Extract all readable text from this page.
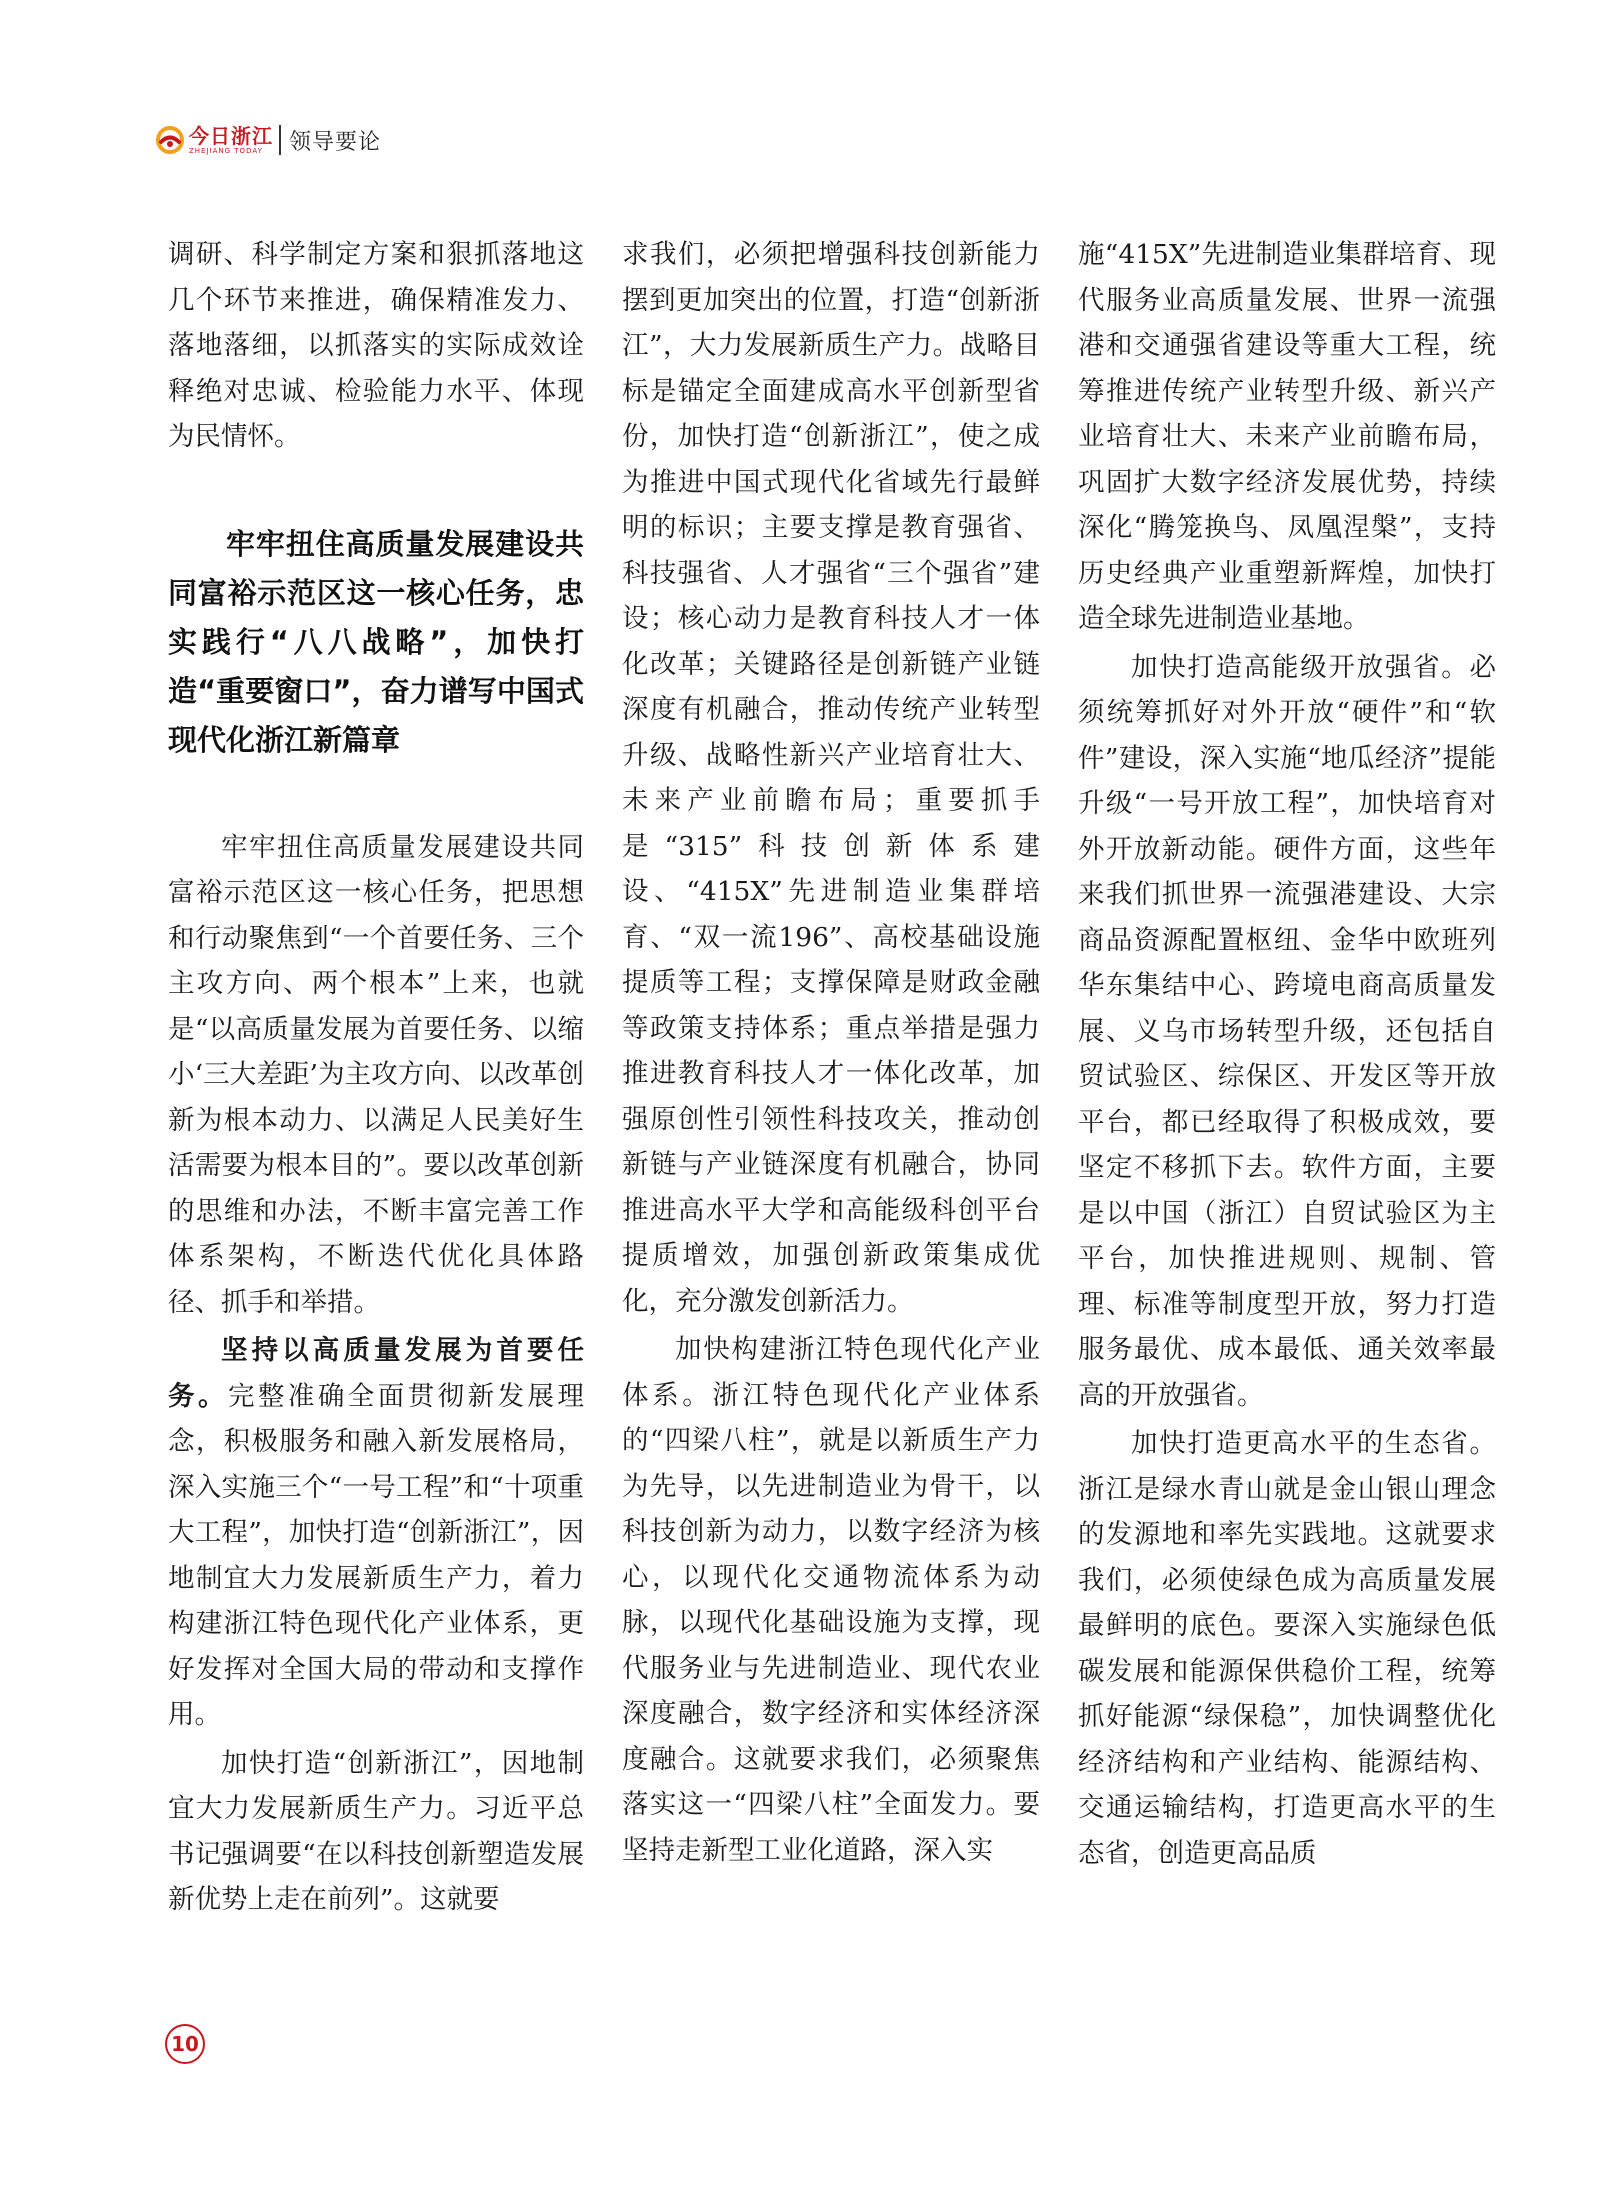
今日浙江
ZHEJIANG TODAY	领导要论

调研、科学制定方案和狠抓落地这几个环节来推进，确保精准发力、落地落细，以抓落实的实际成效诠释绝对忠诚、检验能力水平、体现为民情怀。

牢牢扭住高质量发展建设共同富裕示范区这一核心任务，忠实践行“八八战略”，加快打造“重要窗口”，奋力谱写中国式现代化浙江新篇章

牢牢扭住高质量发展建设共同富裕示范区这一核心任务，把思想和行动聚焦到“一个首要任务、三个主攻方向、两个根本”上来，也就是“以高质量发展为首要任务、以缩小‘三大差距’为主攻方向、以改革创新为根本动力、以满足人民美好生活需要为根本目的”。要以改革创新的思维和办法，不断丰富完善工作体系架构，不断迭代优化具体路径、抓手和举措。

坚持以高质量发展为首要任务。完整准确全面贯彻新发展理念，积极服务和融入新发展格局，深入实施三个“一号工程”和“十项重大工程”，加快打造“创新浙江”，因地制宜大力发展新质生产力，着力构建浙江特色现代化产业体系，更好发挥对全国大局的带动和支撑作用。

加快打造“创新浙江”，因地制宜大力发展新质生产力。习近平总书记强调要“在以科技创新塑造发展新优势上走在前列”。这就要

求我们，必须把增强科技创新能力摆到更加突出的位置，打造“创新浙江”，大力发展新质生产力。战略目标是锚定全面建成高水平创新型省份，加快打造“创新浙江”，使之成为推进中国式现代化省域先行最鲜明的标识；主要支撑是教育强省、科技强省、人才强省“三个强省”建设；核心动力是教育科技人才一体化改革；关键路径是创新链产业链深度有机融合，推动传统产业转型升级、战略性新兴产业培育壮大、未来产业前瞻布局；重要抓手是“315”科技创新体系建设、“415X”先进制造业集群培育、“双一流196”、高校基础设施提质等工程；支撑保障是财政金融等政策支持体系；重点举措是强力推进教育科技人才一体化改革，加强原创性引领性科技攻关，推动创新链与产业链深度有机融合，协同推进高水平大学和高能级科创平台提质增效，加强创新政策集成优化，充分激发创新活力。

加快构建浙江特色现代化产业体系。浙江特色现代化产业体系的“四梁八柱”，就是以新质生产力为先导，以先进制造业为骨干，以科技创新为动力，以数字经济为核心，以现代化交通物流体系为动脉，以现代化基础设施为支撑，现代服务业与先进制造业、现代农业深度融合，数字经济和实体经济深度融合。这就要求我们，必须聚焦落实这一“四梁八柱”全面发力。要坚持走新型工业化道路，深入实

施“415X”先进制造业集群培育、现代服务业高质量发展、世界一流强港和交通强省建设等重大工程，统筹推进传统产业转型升级、新兴产业培育壮大、未来产业前瞻布局，巩固扩大数字经济发展优势，持续深化“腾笼换鸟、凤凰涅槃”，支持历史经典产业重塑新辉煌，加快打造全球先进制造业基地。

加快打造高能级开放强省。必须统筹抓好对外开放“硬件”和“软件”建设，深入实施“地瓜经济”提能升级“一号开放工程”，加快培育对外开放新动能。硬件方面，这些年来我们抓世界一流强港建设、大宗商品资源配置枢纽、金华中欧班列华东集结中心、跨境电商高质量发展、义乌市场转型升级，还包括自贸试验区、综保区、开发区等开放平台，都已经取得了积极成效，要坚定不移抓下去。软件方面，主要是以中国（浙江）自贸试验区为主平台，加快推进规则、规制、管理、标准等制度型开放，努力打造服务最优、成本最低、通关效率最高的开放强省。

加快打造更高水平的生态省。浙江是绿水青山就是金山银山理念的发源地和率先实践地。这就要求我们，必须使绿色成为高质量发展最鲜明的底色。要深入实施绿色低碳发展和能源保供稳价工程，统筹抓好能源“绿保稳”，加快调整优化经济结构和产业结构、能源结构、交通运输结构，打造更高水平的生态省，创造更高品质

10
